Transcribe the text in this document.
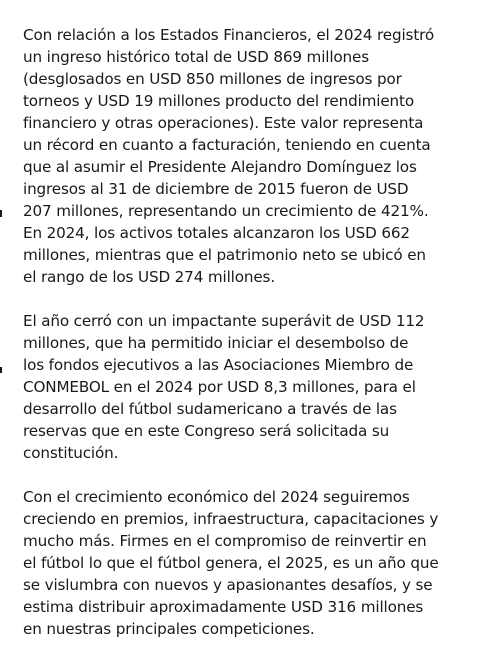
Con relación a los Estados Financieros, el 2024 registró
un ingreso histórico total de USD 869 millones
(desglosados en USD 850 millones de ingresos por
torneos y USD 19 millones producto del rendimiento
financiero y otras operaciones). Este valor representa
un récord en cuanto a facturación, teniendo en cuenta
que al asumir el Presidente Alejandro Domínguez los
ingresos al 31 de diciembre de 2015 fueron de USD
207 millones, representando un crecimiento de 421%.
En 2024, los activos totales alcanzaron los USD 662
millones, mientras que el patrimonio neto se ubicó en
el rango de los USD 274 millones.

El año cerró con un impactante superávit de USD 112
millones, que ha permitido iniciar el desembolso de
los fondos ejecutivos a las Asociaciones Miembro de
CONMEBOL en el 2024 por USD 8,3 millones, para el
desarrollo del fútbol sudamericano a través de las
reservas que en este Congreso será solicitada su
constitución.

Con el crecimiento económico del 2024 seguiremos
creciendo en premios, infraestructura, capacitaciones y
mucho más. Firmes en el compromiso de reinvertir en
el fútbol lo que el fútbol genera, el 2025, es un año que
se vislumbra con nuevos y apasionantes desafíos, y se
estima distribuir aproximadamente USD 316 millones
en nuestras principales competiciones.
